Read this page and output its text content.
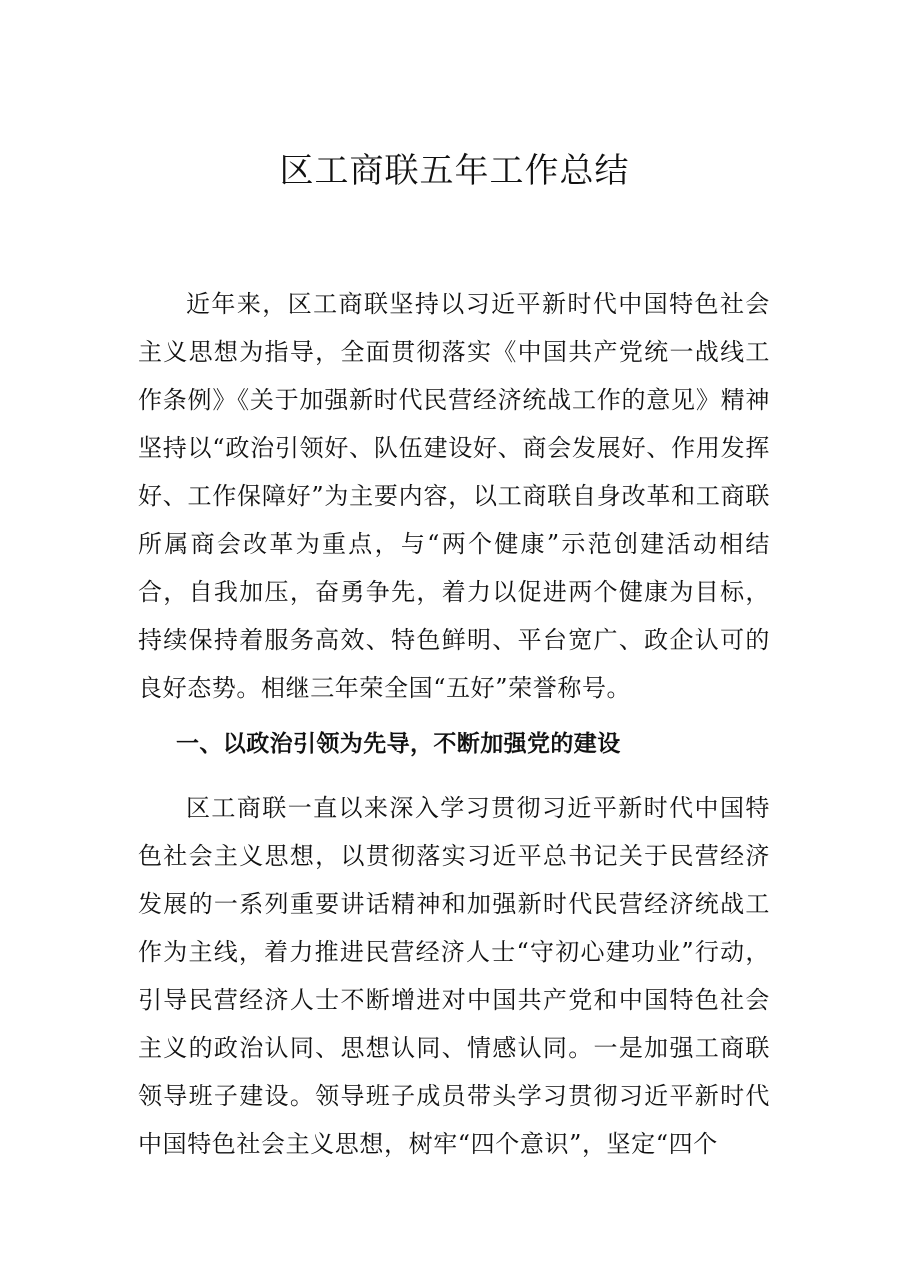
区工商联五年工作总结

近年来，区工商联坚持以习近平新时代中国特色社会主义思想为指导，全面贯彻落实《中国共产党统一战线工作条例》《关于加强新时代民营经济统战工作的意见》精神坚持以“政治引领好、队伍建设好、商会发展好、作用发挥好、工作保障好”为主要内容，以工商联自身改革和工商联所属商会改革为重点，与“两个健康”示范创建活动相结合，自我加压，奋勇争先，着力以促进两个健康为目标，持续保持着服务高效、特色鲜明、平台宽广、政企认可的良好态势。相继三年荣全国“五好”荣誉称号。

一、以政治引领为先导，不断加强党的建设

区工商联一直以来深入学习贯彻习近平新时代中国特色社会主义思想，以贯彻落实习近平总书记关于民营经济发展的一系列重要讲话精神和加强新时代民营经济统战工作为主线，着力推进民营经济人士“守初心建功业”行动，引导民营经济人士不断增进对中国共产党和中国特色社会主义的政治认同、思想认同、情感认同。一是加强工商联领导班子建设。领导班子成员带头学习贯彻习近平新时代中国特色社会主义思想，树牢“四个意识”，坚定“四个
